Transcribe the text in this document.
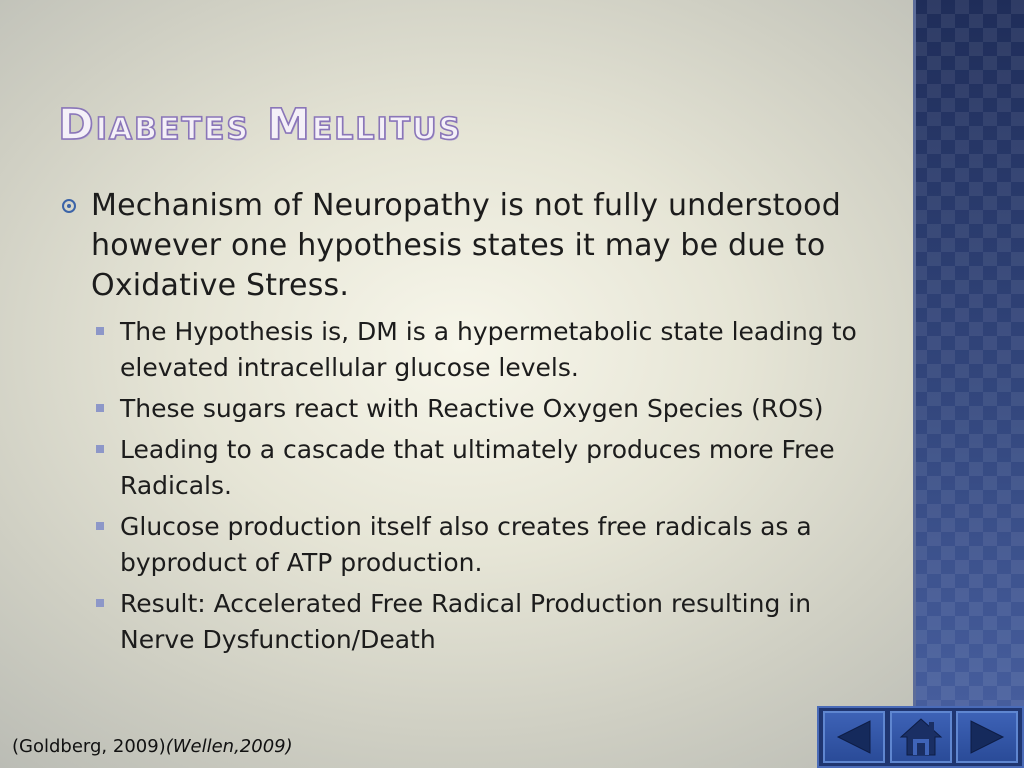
Diabetes Mellitus
Mechanism of Neuropathy is not fully understood however one hypothesis states it may be due to Oxidative Stress.
The Hypothesis is, DM is a hypermetabolic state leading to elevated intracellular glucose levels.
These sugars react with Reactive Oxygen Species (ROS)
Leading to a cascade that ultimately produces more Free Radicals.
Glucose production itself also creates free radicals as a byproduct of ATP production.
Result: Accelerated Free Radical Production resulting in Nerve Dysfunction/Death
(Goldberg, 2009)(Wellen,2009)
